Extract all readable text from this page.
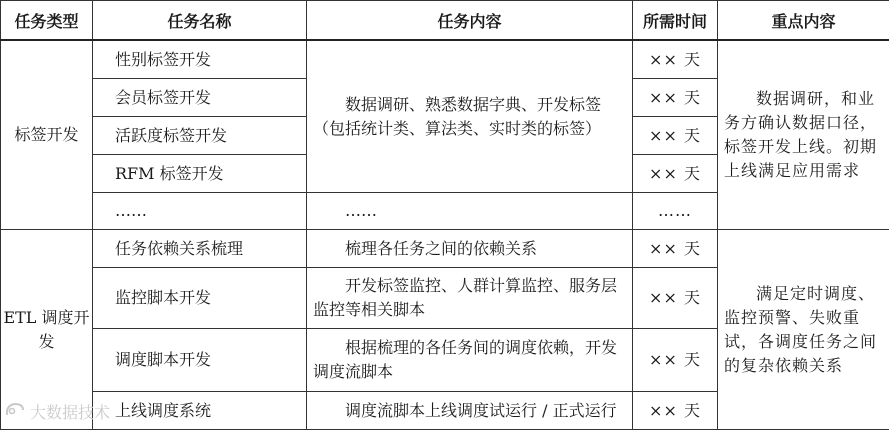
任务类型	任务名称	任务内容	所需时间	重点内容
标签开发	性别标签开发	数据调研、熟悉数据字典、开发标签（包括统计类、算法类、实时类的标签）	×× 天	数据调研，和业务方确认数据口径，标签开发上线。初期上线满足应用需求
	会员标签开发		×× 天	
	活跃度标签开发		×× 天	
	RFM 标签开发		×× 天	
	……	……	……	
ETL 调度开发	任务依赖关系梳理	梳理各任务之间的依赖关系	×× 天	满足定时调度、监控预警、失败重试，各调度任务之间的复杂依赖关系
	监控脚本开发	开发标签监控、人群计算监控、服务层监控等相关脚本	×× 天	
	调度脚本开发	根据梳理的各任务间的调度依赖，开发调度流脚本	×× 天	
	上线调度系统	调度流脚本上线调度试运行 / 正式运行	×× 天	
大数据技术
